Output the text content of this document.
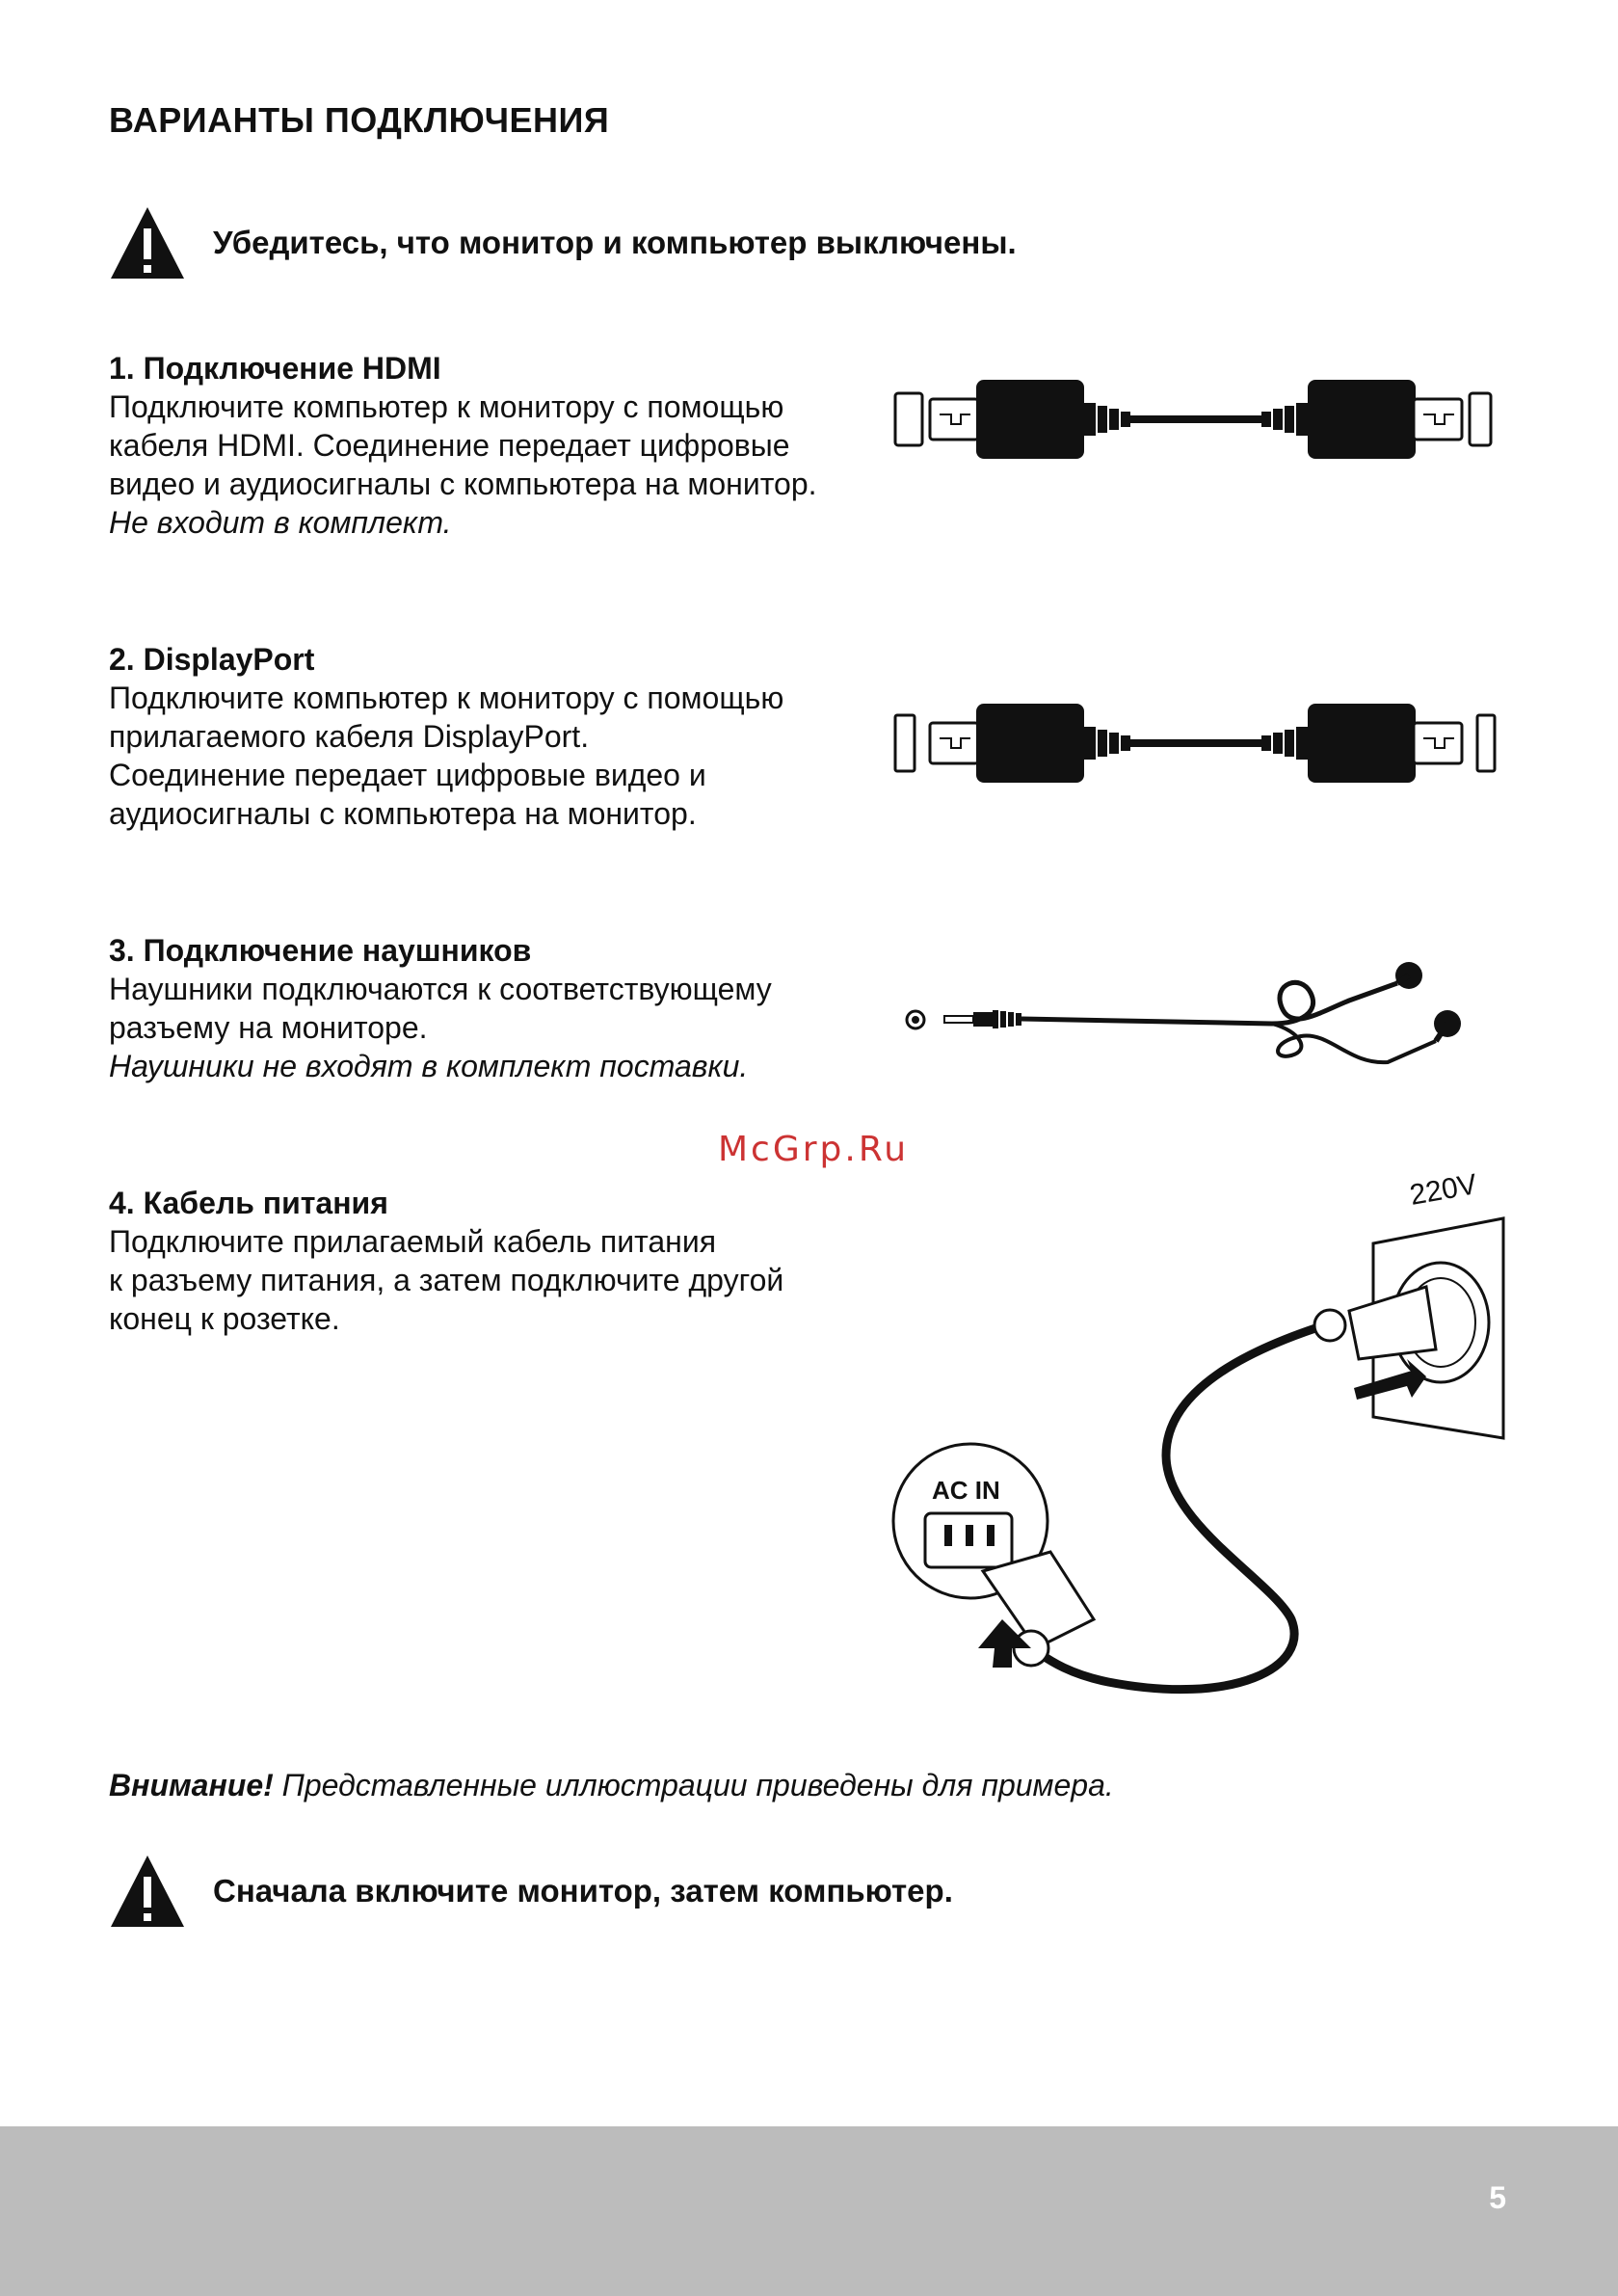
ВАРИАНТЫ ПОДКЛЮЧЕНИЯ
Убедитесь, что монитор и компьютер выключены.

1. Подключение HDMI

Подключите компьютер к монитору с помощью

кабеля HDMI. Соединение передает цифровые

видео и аудиосигналы с компьютера на монитор.

Не входит в комплект.

2. DisplayPort

Подключите компьютер к монитору с помощью

прилагаемого кабеля DisplayPort.

Соединение передает цифровые видео и

аудиосигналы с компьютера на монитор.

3. Подключение наушников

Наушники подключаются к соответствующему

разъему на мониторе.

Наушники не входят в комплект поставки.

McGrp.Ru

4. Кабель питания

Подключите прилагаемый кабель питания

к разъему питания, а затем подключите другой

конец к розетке.

AC IN
220V
Внимание! Представленные иллюстрации приведены для примера.
Сначала включите монитор, затем компьютер.
5
